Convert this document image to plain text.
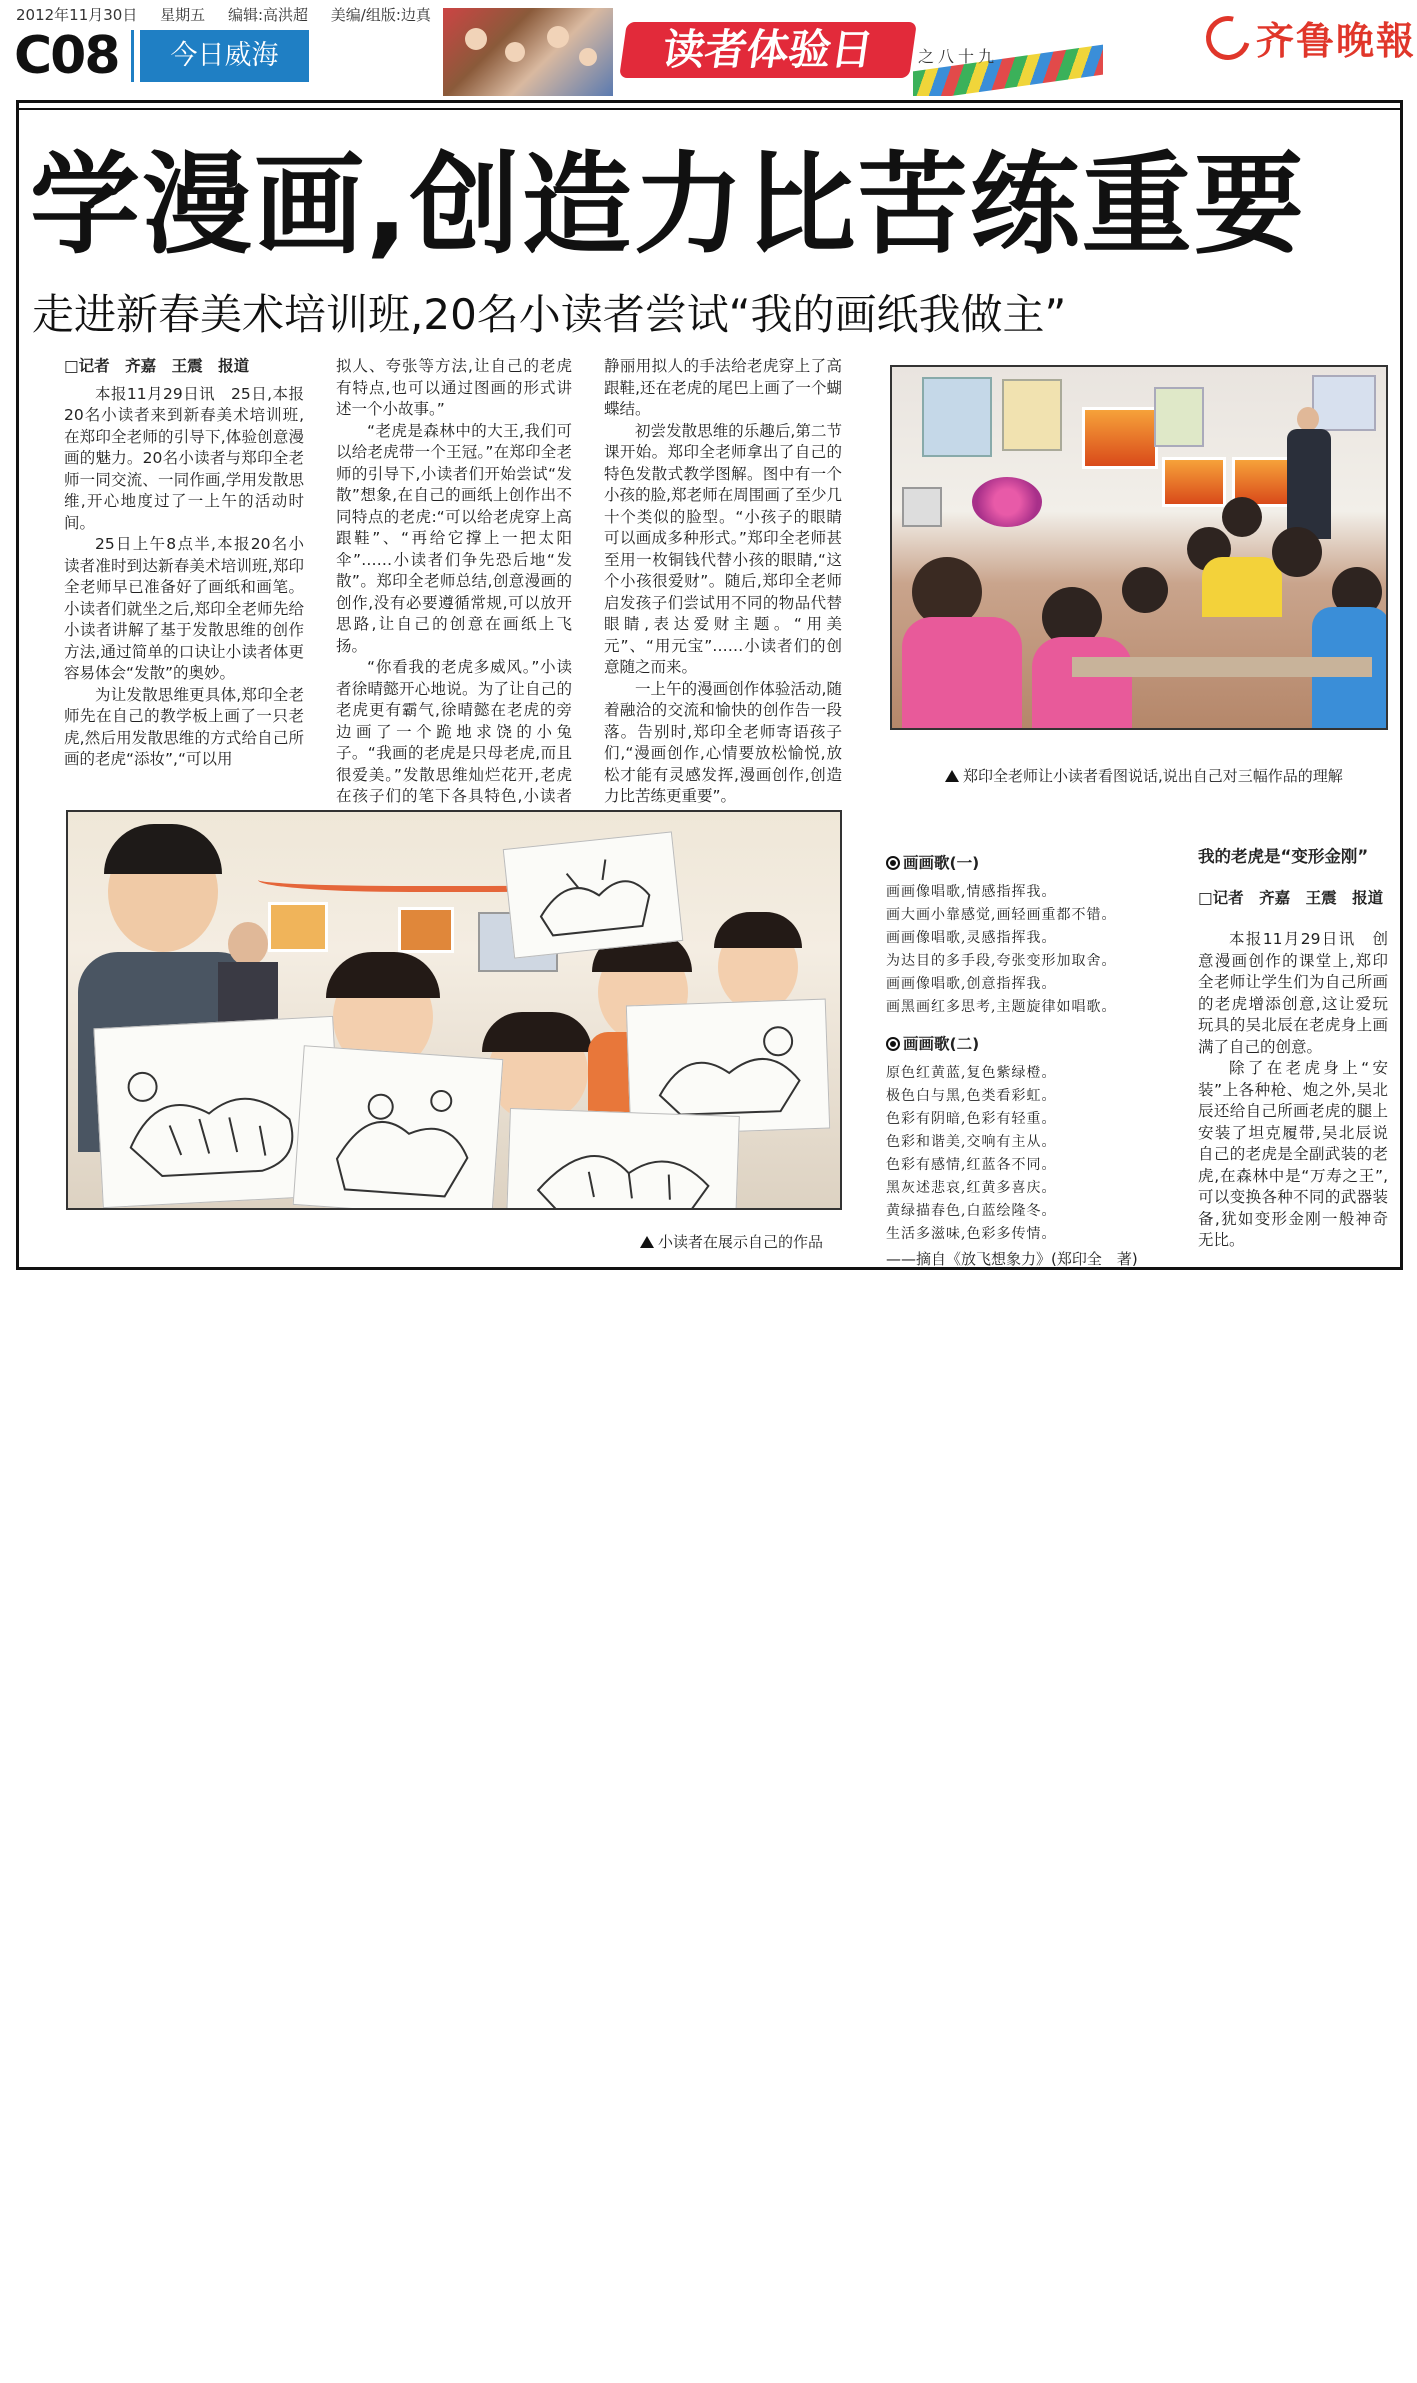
2012年11月30日 星期五 编辑:高洪超 美编/组版:边真
C08	今日威海	读者体验日	之八十九	齐鲁晚報
学漫画,创造力比苦练重要
走进新春美术培训班,20名小读者尝试“我的画纸我做主”

□记者　齐嘉　王震　报道

本报11月29日讯　25日,本报20名小读者来到新春美术培训班,在郑印全老师的引导下,体验创意漫画的魅力。20名小读者与郑印全老师一同交流、一同作画,学用发散思维,开心地度过了一上午的活动时间。

25日上午8点半,本报20名小读者准时到达新春美术培训班,郑印全老师早已准备好了画纸和画笔。小读者们就坐之后,郑印全老师先给小读者讲解了基于发散思维的创作方法,通过简单的口诀让小读者体更容易体会“发散”的奥妙。

为让发散思维更具体,郑印全老师先在自己的教学板上画了一只老虎,然后用发散思维的方式给自己所画的老虎“添妆”,“可以用

拟人、夸张等方法,让自己的老虎有特点,也可以通过图画的形式讲述一个小故事。”

“老虎是森林中的大王,我们可以给老虎带一个王冠。”在郑印全老师的引导下,小读者们开始尝试“发散”想象,在自己的画纸上创作出不同特点的老虎:“可以给老虎穿上高跟鞋”、“再给它撑上一把太阳伞”……小读者们争先恐后地“发散”。郑印全老师总结,创意漫画的创作,没有必要遵循常规,可以放开思路,让自己的创意在画纸上飞扬。

“你看我的老虎多威风。”小读者徐晴懿开心地说。为了让自己的老虎更有霸气,徐晴懿在老虎的旁边画了一个跪地求饶的小兔子。“我画的老虎是只母老虎,而且很爱美。”发散思维灿烂花开,老虎在孩子们的笔下各具特色,小读者

静丽用拟人的手法给老虎穿上了高跟鞋,还在老虎的尾巴上画了一个蝴蝶结。

初尝发散思维的乐趣后,第二节课开始。郑印全老师拿出了自己的特色发散式教学图解。图中有一个小孩的脸,郑老师在周围画了至少几十个类似的脸型。“小孩子的眼睛可以画成多种形式。”郑印全老师甚至用一枚铜钱代替小孩的眼睛,“这个小孩很爱财”。随后,郑印全老师启发孩子们尝试用不同的物品代替眼睛,表达爱财主题。“用美元”、“用元宝”……小读者们的创意随之而来。

一上午的漫画创作体验活动,随着融洽的交流和愉快的创作告一段落。告别时,郑印全老师寄语孩子们,“漫画创作,心情要放松愉悦,放松才能有灵感发挥,漫画创作,创造力比苦练更重要”。

郑印全老师让小读者看图说话,说出自己对三幅作品的理解
小读者在展示自己的作品
画画歌(一)
画画像唱歌,情感指挥我。
画大画小靠感觉,画轻画重都不错。
画画像唱歌,灵感指挥我。
为达目的多手段,夸张变形加取舍。
画画像唱歌,创意指挥我。
画黑画红多思考,主题旋律如唱歌。
画画歌(二)
原色红黄蓝,复色紫绿橙。
极色白与黑,色类看彩虹。
色彩有阴暗,色彩有轻重。
色彩和谐美,交响有主从。
色彩有感情,红蓝各不同。
黑灰述悲哀,红黄多喜庆。
黄绿描春色,白蓝绘隆冬。
生活多滋味,色彩多传情。
——摘自《放飞想象力》(郑印全　著)
我的老虎是“变形金刚”

□记者　齐嘉　王震　报道

本报11月29日讯　创意漫画创作的课堂上,郑印全老师让学生们为自己所画的老虎增添创意,这让爱玩玩具的吴北辰在老虎身上画满了自己的创意。

除了在老虎身上“安装”上各种枪、炮之外,吴北辰还给自己所画老虎的腿上安装了坦克履带,吴北辰说自己的老虎是全副武装的老虎,在森林中是“万寿之王”,可以变换各种不同的武器装备,犹如变形金刚一般神奇无比。
